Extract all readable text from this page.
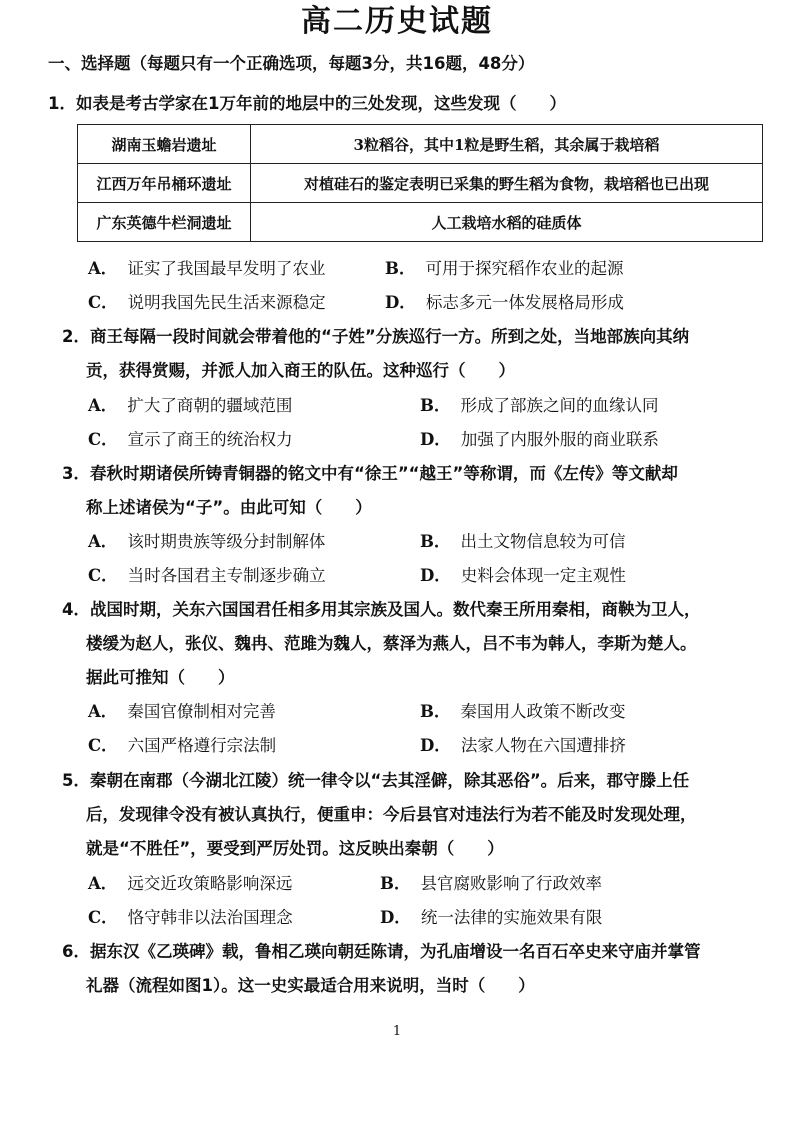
高二历史试题
一、选择题（每题只有一个正确选项，每题3分，共16题，48分）
1．如表是考古学家在1万年前的地层中的三处发现，这些发现（　　）
湖南玉蟾岩遗址	3粒稻谷，其中1粒是野生稻，其余属于栽培稻
江西万年吊桶环遗址	对植硅石的鉴定表明已采集的野生稻为食物，栽培稻也已出现
广东英德牛栏洞遗址	人工栽培水稻的硅质体
A． 证实了我国最早发明了农业	B． 可用于探究稻作农业的起源
C． 说明我国先民生活来源稳定	D． 标志多元一体发展格局形成
2．商王每隔一段时间就会带着他的“子姓”分族巡行一方。所到之处，当地部族向其纳
贡，获得赏赐，并派人加入商王的队伍。这种巡行（　　）
A． 扩大了商朝的疆域范围	B． 形成了部族之间的血缘认同
C． 宣示了商王的统治权力	D． 加强了内服外服的商业联系
3．春秋时期诸侯所铸青铜器的铭文中有“徐王”“越王”等称谓，而《左传》等文献却
称上述诸侯为“子”。由此可知（　　）
A． 该时期贵族等级分封制解体	B． 出土文物信息较为可信
C． 当时各国君主专制逐步确立	D． 史料会体现一定主观性
4．战国时期，关东六国国君任相多用其宗族及国人。数代秦王所用秦相，商鞅为卫人，
楼缓为赵人，张仪、魏冉、范雎为魏人，蔡泽为燕人，吕不韦为韩人，李斯为楚人。
据此可推知（　　）
A． 秦国官僚制相对完善	B． 秦国用人政策不断改变
C． 六国严格遵行宗法制	D． 法家人物在六国遭排挤
5．秦朝在南郡（今湖北江陵）统一律令以“去其淫僻，除其恶俗”。后来，郡守滕上任
后，发现律令没有被认真执行，便重申：今后县官对违法行为若不能及时发现处理，
就是“不胜任”，要受到严厉处罚。这反映出秦朝（　　）
A． 远交近攻策略影响深远	B． 县官腐败影响了行政效率
C． 恪守韩非以法治国理念	D． 统一法律的实施效果有限
6．据东汉《乙瑛碑》载，鲁相乙瑛向朝廷陈请，为孔庙增设一名百石卒史来守庙并掌管
礼器（流程如图1）。这一史实最适合用来说明，当时（　　）
1
